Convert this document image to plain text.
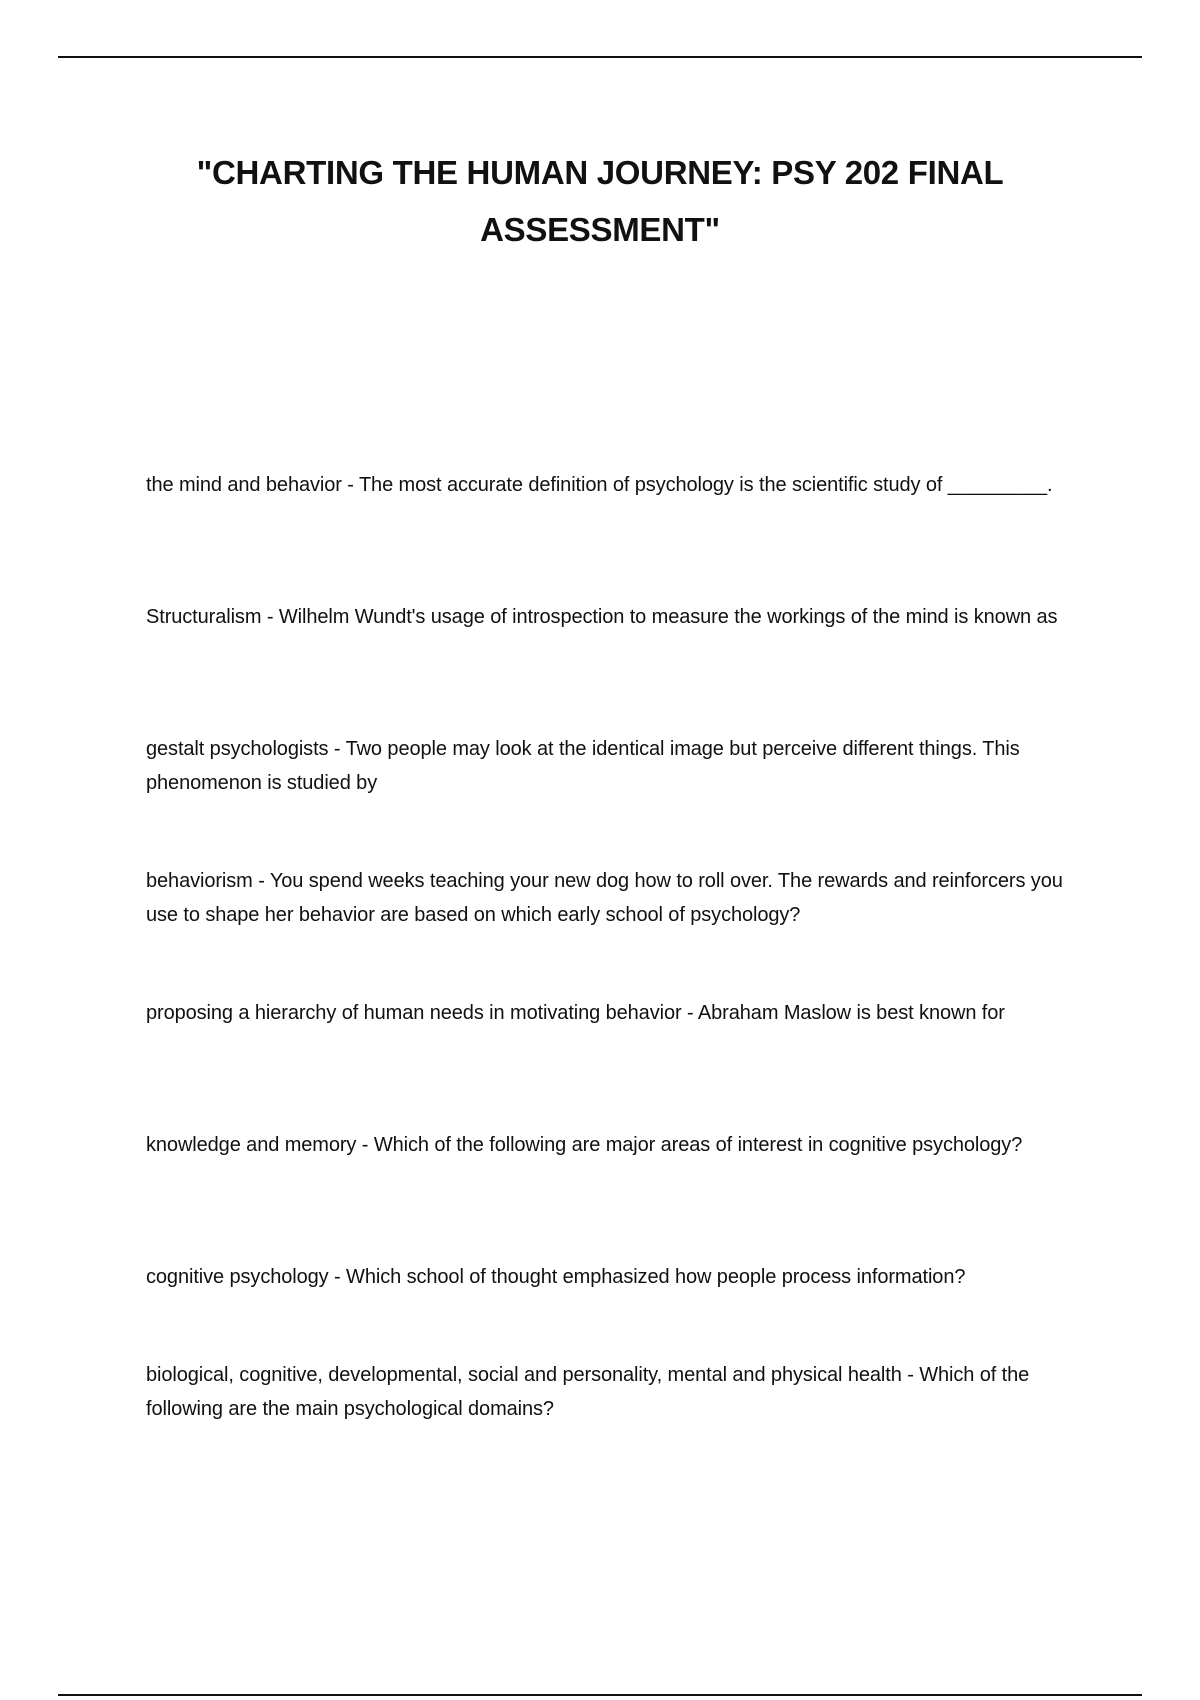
"CHARTING THE HUMAN JOURNEY: PSY 202 FINAL ASSESSMENT"
the mind and behavior - The most accurate definition of psychology is the scientific study of _________.
Structuralism - Wilhelm Wundt's usage of introspection to measure the workings of the mind is known as
gestalt psychologists - Two people may look at the identical image but perceive different things. This phenomenon is studied by
behaviorism - You spend weeks teaching your new dog how to roll over. The rewards and reinforcers you use to shape her behavior are based on which early school of psychology?
proposing a hierarchy of human needs in motivating behavior - Abraham Maslow is best known for
knowledge and memory - Which of the following are major areas of interest in cognitive psychology?
cognitive psychology - Which school of thought emphasized how people process information?
biological, cognitive, developmental, social and personality, mental and physical health - Which of the following are the main psychological domains?
